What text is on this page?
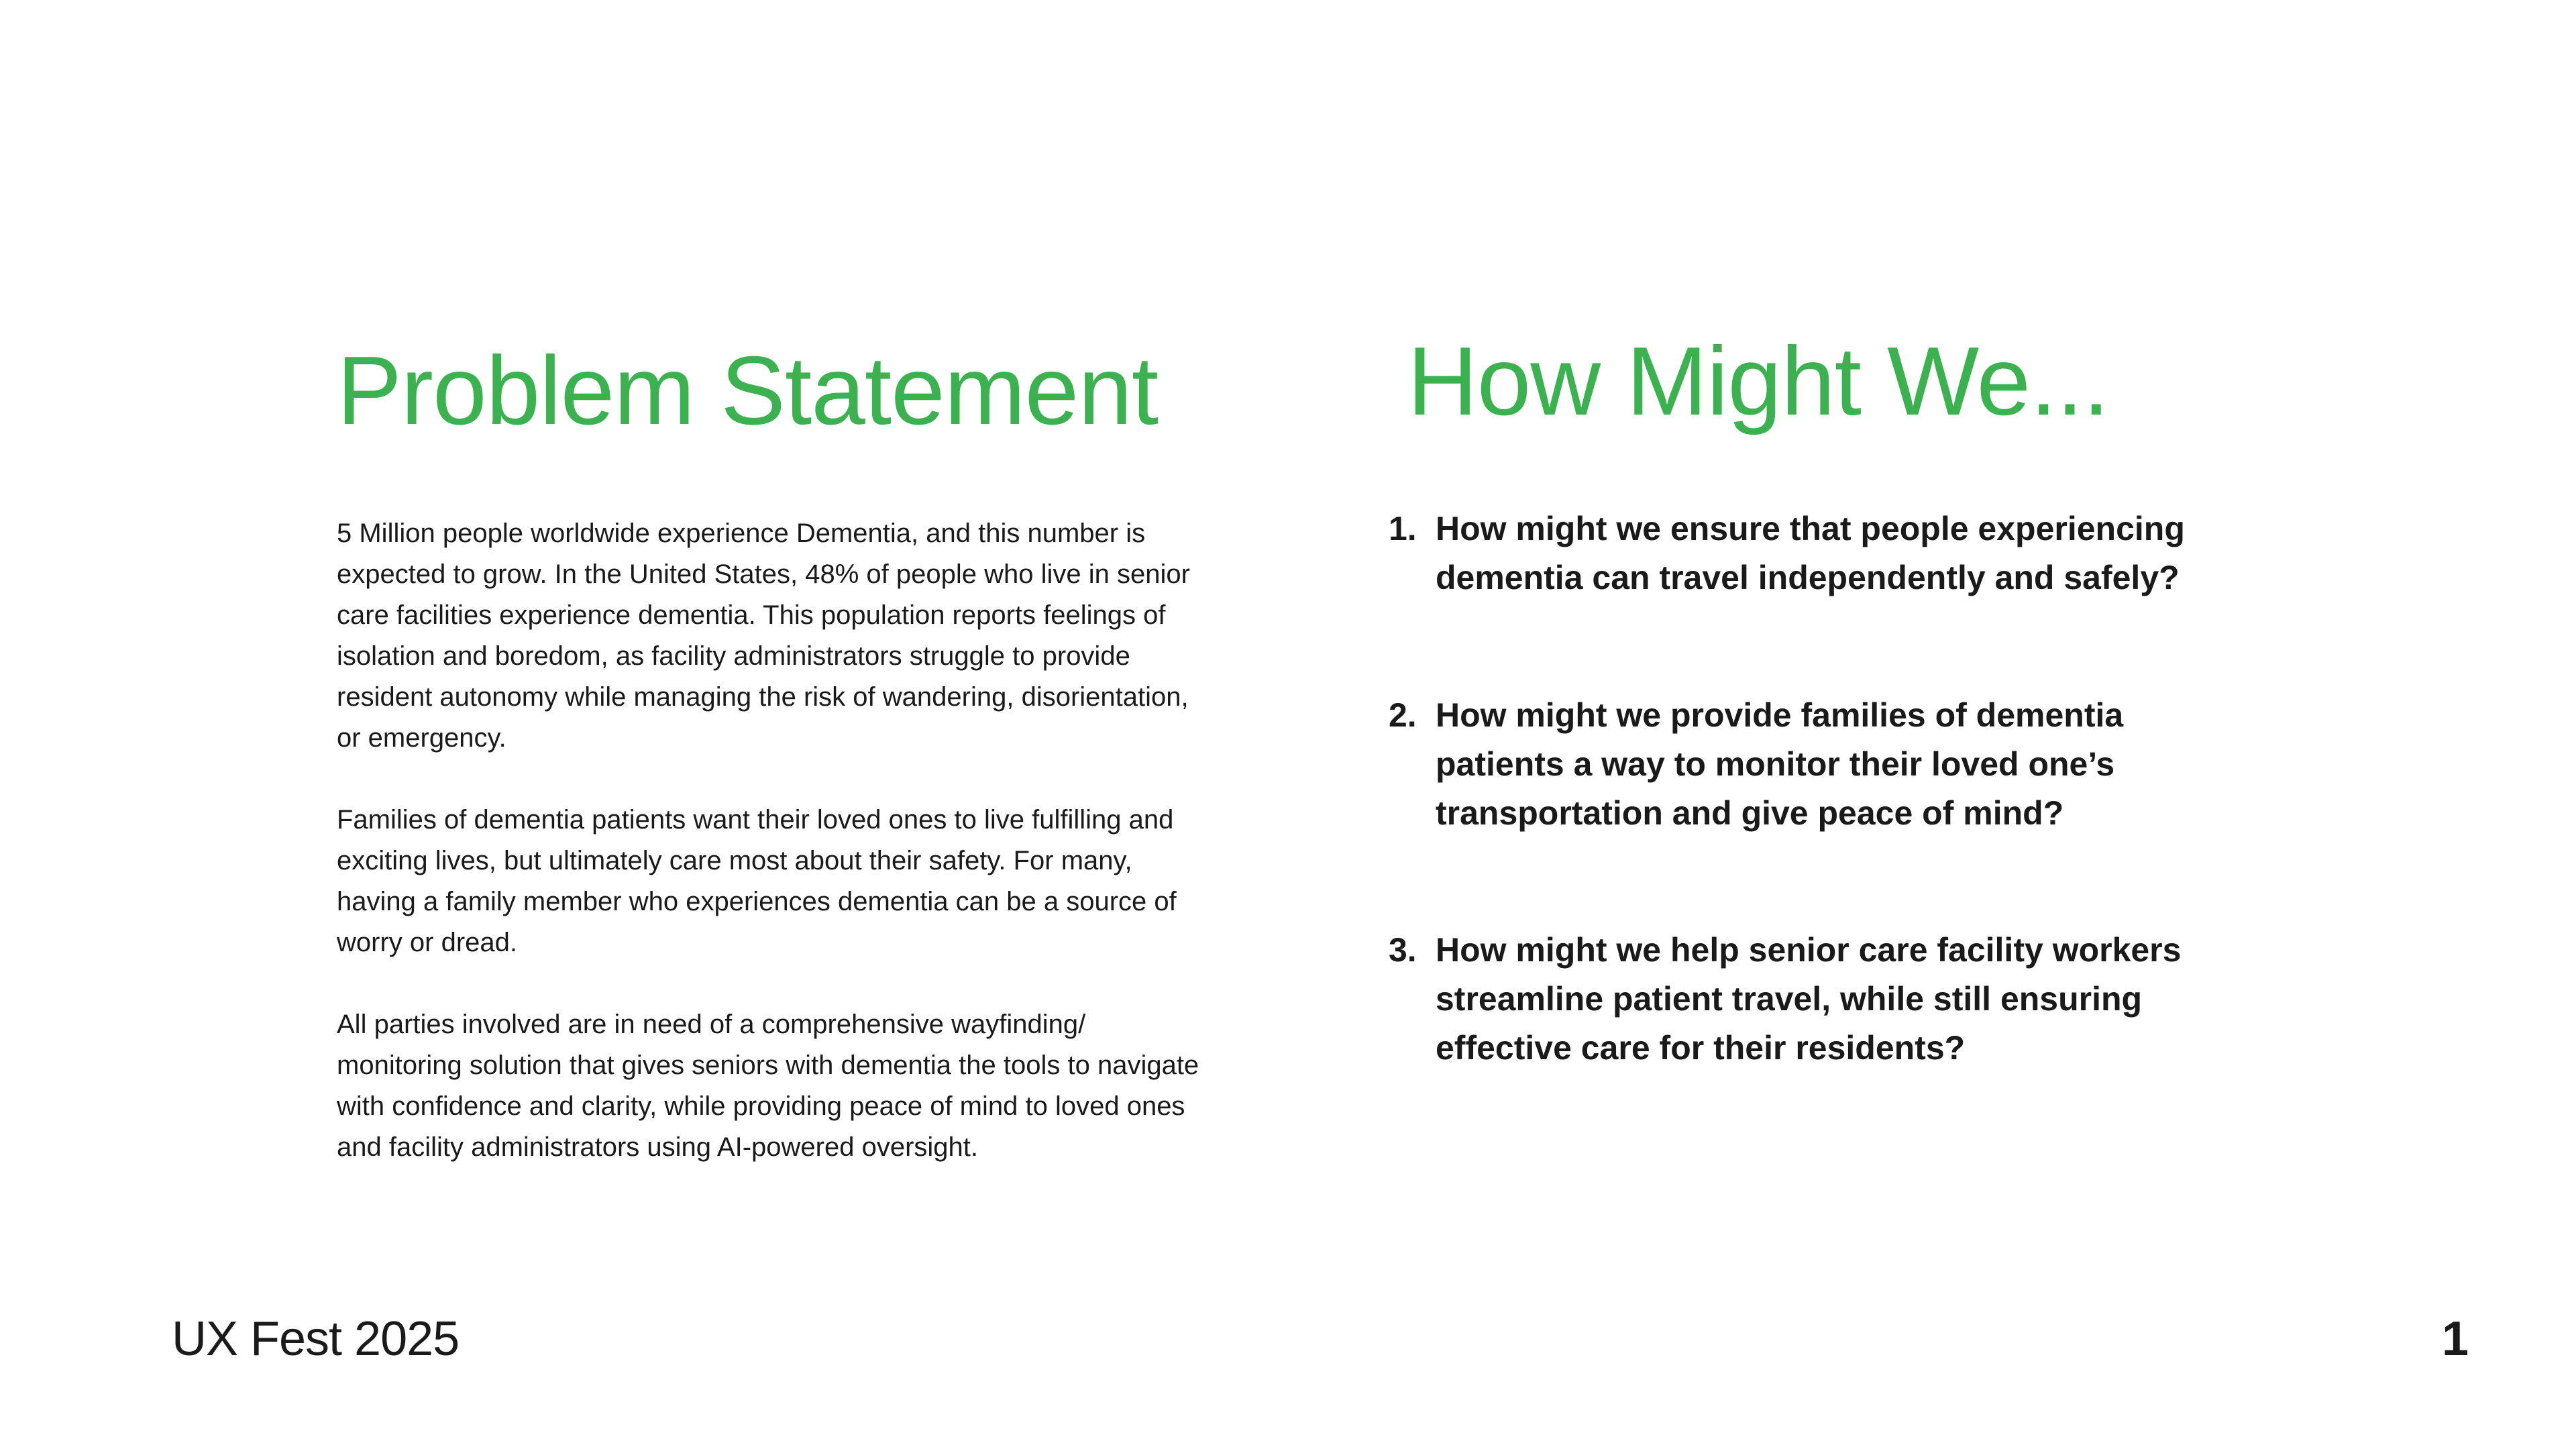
Problem Statement

5 Million people worldwide experience Dementia, and this number is expected to grow. In the United States, 48% of people who live in senior care facilities experience dementia. This population reports feelings of isolation and boredom, as facility administrators struggle to provide resident autonomy while managing the risk of wandering, disorientation, or emergency.

Families of dementia patients want their loved ones to live fulfilling and exciting lives, but ultimately care most about their safety. For many, having a family member who experiences dementia can be a source of worry or dread.

All parties involved are in need of a comprehensive wayfinding/ monitoring solution that gives seniors with dementia the tools to navigate with confidence and clarity, while providing peace of mind to loved ones and facility administrators using AI-powered oversight.

How Might We...
1. How might we ensure that people experiencing dementia can travel independently and safely?
2. How might we provide families of dementia patients a way to monitor their loved one’s transportation and give peace of mind?
3. How might we help senior care facility workers streamline patient travel, while still ensuring effective care for their residents?
UX Fest 2025	1
